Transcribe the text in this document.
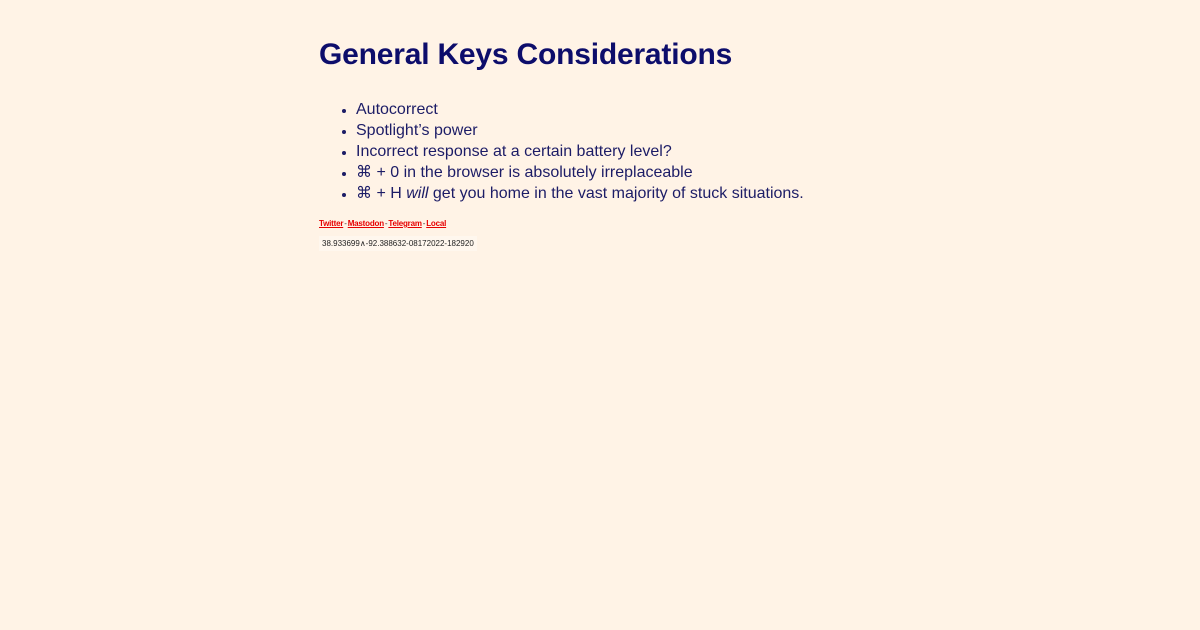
General Keys Considerations
• Autocorrect
• Spotlight’s power
• Incorrect response at a certain battery level?
• ⌘ + 0 in the browser is absolutely irreplaceable
• ⌘ + H will get you home in the vast majority of stuck situations.
Twitter-Mastodon-Telegram-Local
38.933699∧-92.388632-08172022-182920
